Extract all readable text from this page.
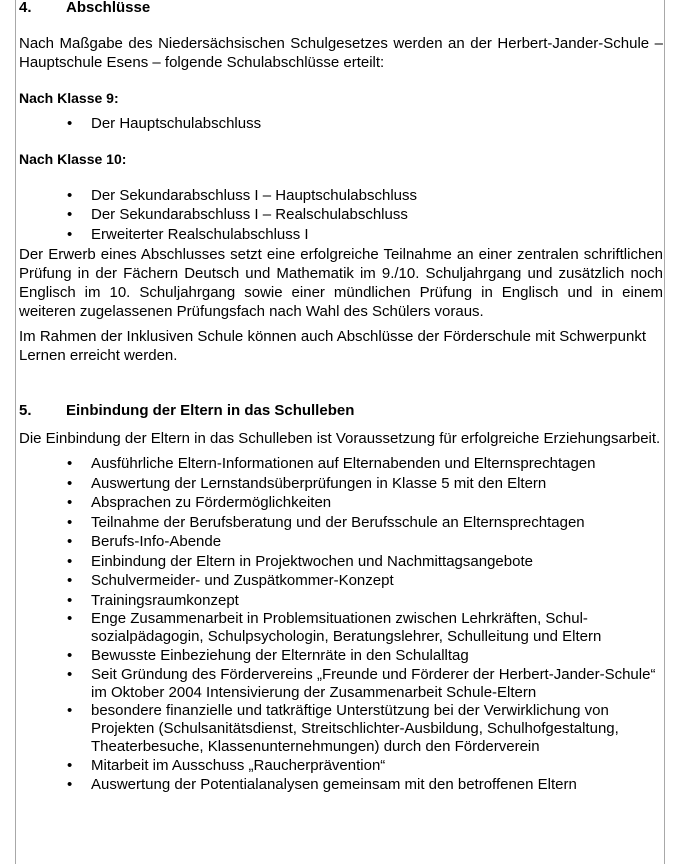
4.	Abschlüsse

Nach Maßgabe des Niedersächsischen Schulgesetzes werden an der Herbert-Jander-Schule – Hauptschule Esens – folgende Schulabschlüsse erteilt:

Nach Klasse 9:

• Der Hauptschulabschluss

Nach Klasse 10:

• Der Sekundarabschluss I – Hauptschulabschluss
• Der Sekundarabschluss I – Realschulabschluss
• Erweiterter Realschulabschluss I

Der Erwerb eines Abschlusses setzt eine erfolgreiche Teilnahme an einer zentralen schriftlichen Prüfung in der Fächern Deutsch und Mathematik im 9./10. Schuljahrgang und zusätzlich noch Englisch im 10. Schuljahrgang sowie einer mündlichen Prüfung in Englisch und in einem weiteren zugelassenen Prüfungsfach nach Wahl des Schülers voraus.

Im Rahmen der Inklusiven Schule können auch Abschlüsse der Förderschule mit Schwerpunkt Lernen erreicht werden.

5.	Einbindung der Eltern in das Schulleben

Die Einbindung der Eltern in das Schulleben ist Voraussetzung für erfolgreiche Erziehungsarbeit.

• Ausführliche Eltern-Informationen auf Elternabenden und Elternsprechtagen
• Auswertung der Lernstandsüberprüfungen in Klasse 5 mit den Eltern
• Absprachen zu Fördermöglichkeiten
• Teilnahme der Berufsberatung und der Berufsschule an Elternsprechtagen
• Berufs-Info-Abende
• Einbindung der Eltern in Projektwochen und Nachmittagsangebote
• Schulvermeider- und Zuspätkommer-Konzept
• Trainingsraumkonzept
• Enge Zusammenarbeit in Problemsituationen zwischen Lehrkräften, Schul-sozialpädagogin, Schulpsychologin, Beratungslehrer, Schulleitung und Eltern
• Bewusste Einbeziehung der Elternräte in den Schulalltag
• Seit Gründung des Fördervereins „Freunde und Förderer der Herbert-Jander-Schule“ im Oktober 2004 Intensivierung der Zusammenarbeit Schule-Eltern
• besondere finanzielle und tatkräftige Unterstützung bei der Verwirklichung von Projekten (Schulsanitätsdienst, Streitschlichter-Ausbildung, Schulhofgestaltung, Theaterbesuche, Klassenunternehmungen) durch den Förderverein
• Mitarbeit im Ausschuss „Raucherprävention“
• Auswertung der Potentialanalysen gemeinsam mit den betroffenen Eltern
